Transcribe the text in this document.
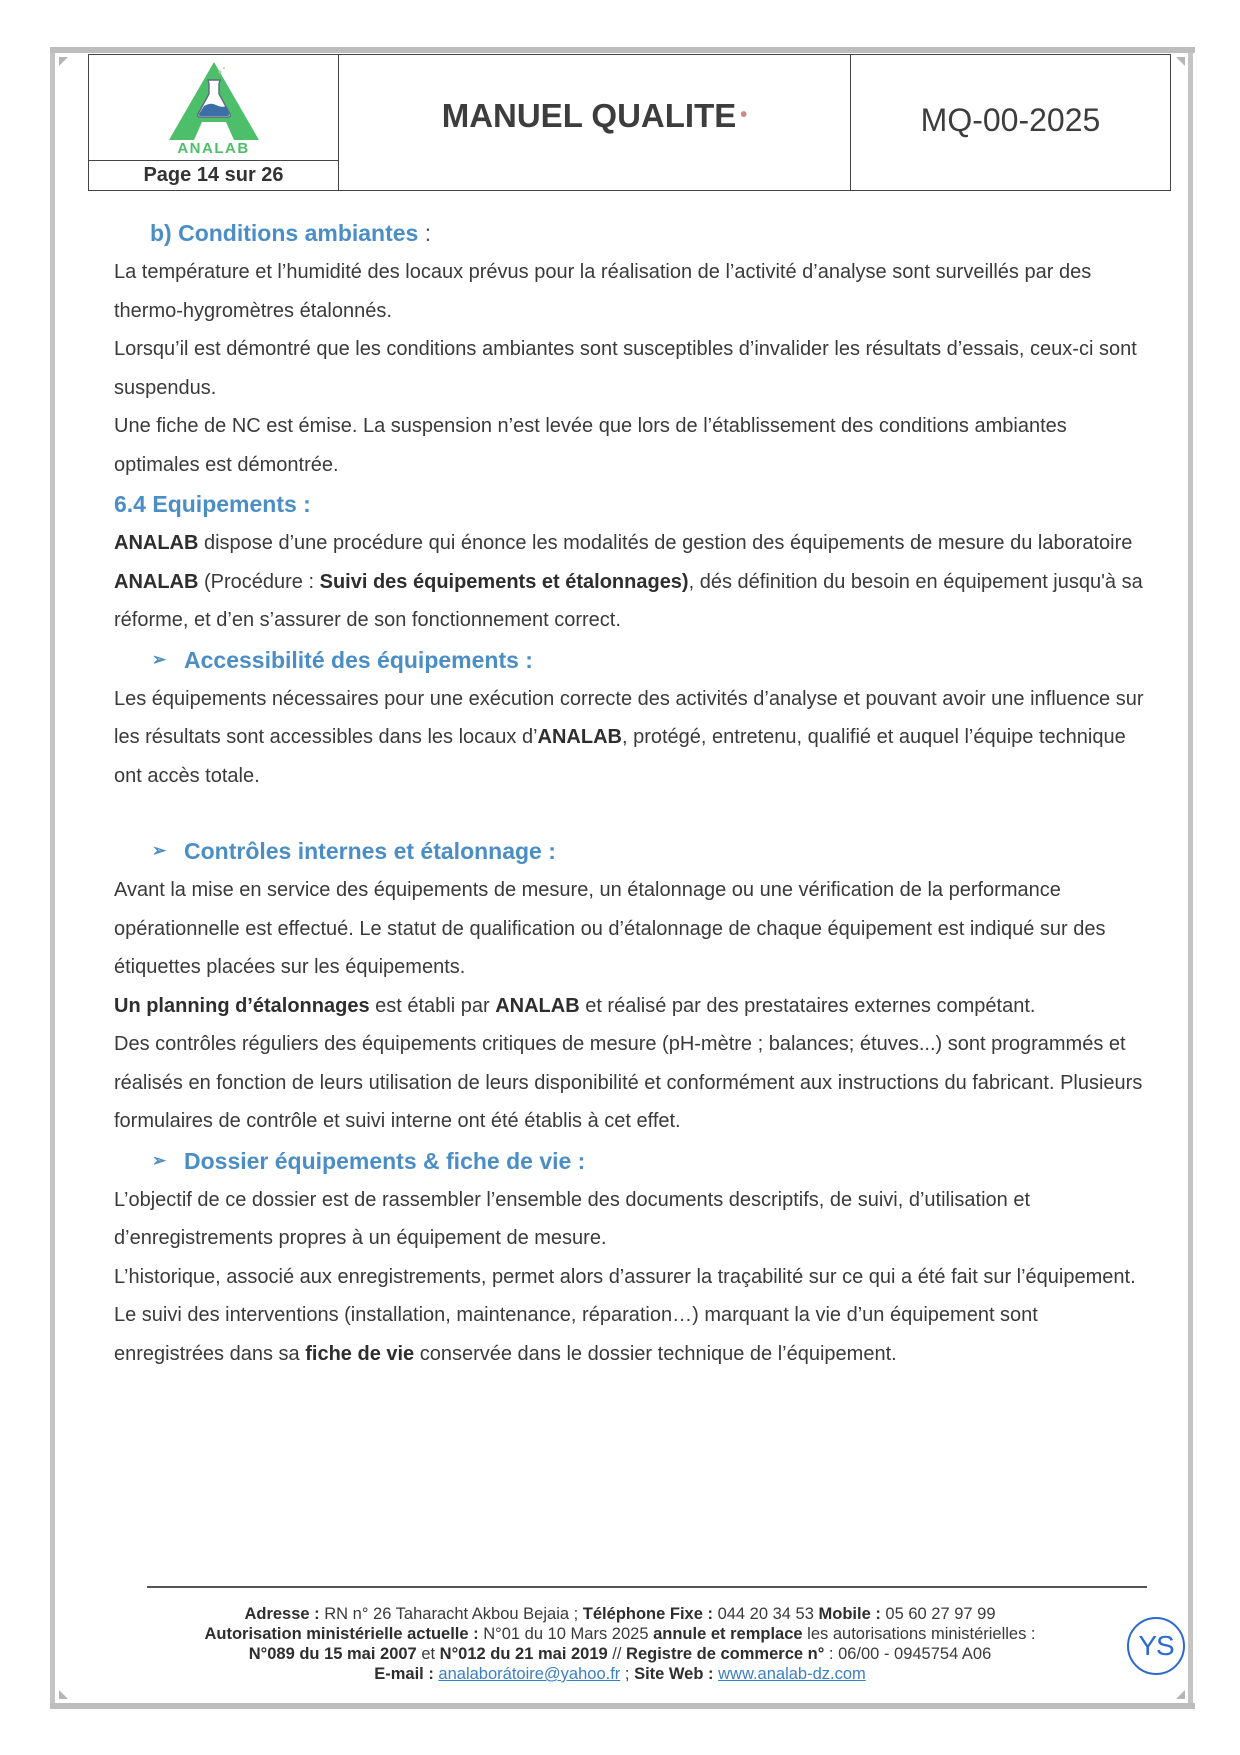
ANALAB
Page 14 sur 26
MANUEL QUALITE •	MQ-00-2025
b) Conditions ambiantes :

La température et l’humidité des locaux prévus pour la réalisation de l’activité d’analyse sont surveillés par des thermo-hygromètres étalonnés.

Lorsqu’il est démontré que les conditions ambiantes sont susceptibles d’invalider les résultats d’essais, ceux-ci sont suspendus.

Une fiche de NC est émise. La suspension n’est levée que lors de l’établissement des conditions ambiantes optimales est démontrée.

6.4 Equipements :

ANALAB dispose d’une procédure qui énonce les modalités de gestion des équipements de mesure du laboratoire ANALAB (Procédure : Suivi des équipements et étalonnages), dés définition du besoin en équipement jusqu'à sa réforme, et d’en s’assurer de son fonctionnement correct.

➢ Accessibilité des équipements :

Les équipements nécessaires pour une exécution correcte des activités d’analyse et pouvant avoir une influence sur les résultats sont accessibles dans les locaux d’ANALAB, protégé, entretenu, qualifié et auquel l’équipe technique ont accès totale.

➢ Contrôles internes et étalonnage :

Avant la mise en service des équipements de mesure, un étalonnage ou une vérification de la performance opérationnelle est effectué. Le statut de qualification ou d’étalonnage de chaque équipement est indiqué sur des étiquettes placées sur les équipements.

Un planning d’étalonnages est établi par ANALAB et réalisé par des prestataires externes compétant.

Des contrôles réguliers des équipements critiques de mesure (pH-mètre ; balances; étuves...) sont programmés et réalisés en fonction de leurs utilisation de leurs disponibilité et conformément aux instructions du fabricant. Plusieurs formulaires de contrôle et suivi interne ont été établis à cet effet.

➢ Dossier équipements & fiche de vie :

L’objectif de ce dossier est de rassembler l’ensemble des documents descriptifs, de suivi, d’utilisation et d’enregistrements propres à un équipement de mesure.

L’historique, associé aux enregistrements, permet alors d’assurer la traçabilité sur ce qui a été fait sur l’équipement.

Le suivi des interventions (installation, maintenance, réparation…) marquant la vie d’un équipement sont enregistrées dans sa fiche de vie conservée dans le dossier technique de l’équipement.

Adresse : RN n° 26 Taharacht Akbou Bejaia ; Téléphone Fixe : 044 20 34 53 Mobile : 05 60 27 97 99
Autorisation ministérielle actuelle : N°01 du 10 Mars 2025 annule et remplace les autorisations ministérielles :
N°089 du 15 mai 2007 et N°012 du 21 mai 2019 // Registre de commerce n° : 06/00 - 0945754 A06
E-mail : analaborátoire@yahoo.fr ; Site Web : www.analab-dz.com
YS
